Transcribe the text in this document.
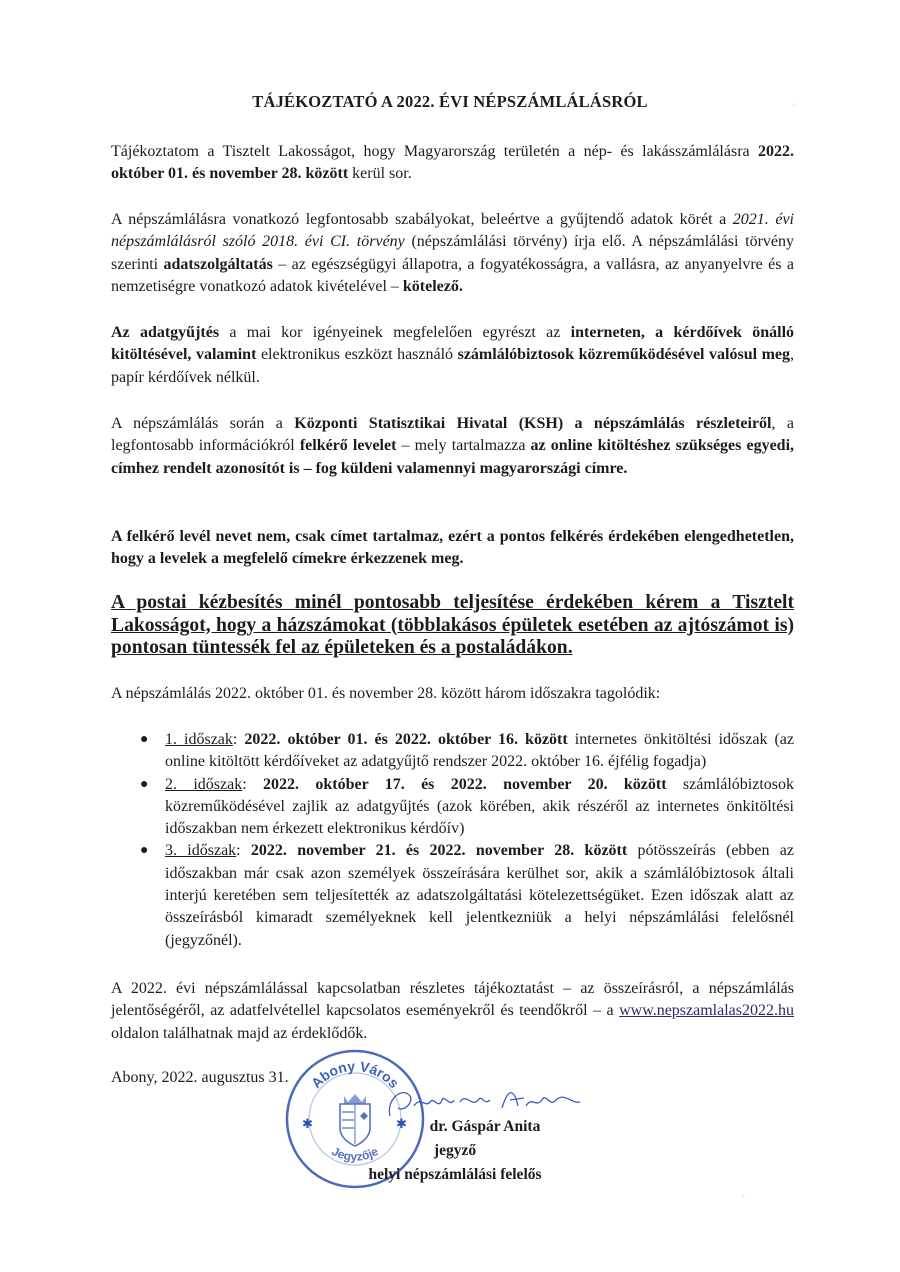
TÁJÉKOZTATÓ A 2022. ÉVI NÉPSZÁMLÁLÁSRÓL
Tájékoztatom a Tisztelt Lakosságot, hogy Magyarország területén a nép- és lakásszámlálásra 2022. október 01. és november 28. között kerül sor.
A népszámlálásra vonatkozó legfontosabb szabályokat, beleértve a gyűjtendő adatok körét a 2021. évi népszámlálásról szóló 2018. évi CI. törvény (népszámlálási törvény) írja elő. A népszámlálási törvény szerinti adatszolgáltatás – az egészségügyi állapotra, a fogyatékosságra, a vallásra, az anyanyelvre és a nemzetiségre vonatkozó adatok kivételével – kötelező.
Az adatgyűjtés a mai kor igényeinek megfelelően egyrészt az interneten, a kérdőívek önálló kitöltésével, valamint elektronikus eszközt használó számlálóbiztosok közreműködésével valósul meg, papír kérdőívek nélkül.
A népszámlálás során a Központi Statisztikai Hivatal (KSH) a népszámlálás részleteiről, a legfontosabb információkról felkérő levelet – mely tartalmazza az online kitöltéshez szükséges egyedi, címhez rendelt azonosítót is – fog küldeni valamennyi magyarországi címre.
A felkérő levél nevet nem, csak címet tartalmaz, ezért a pontos felkérés érdekében elengedhetetlen, hogy a levelek a megfelelő címekre érkezzenek meg.
A postai kézbesítés minél pontosabb teljesítése érdekében kérem a Tisztelt Lakosságot, hogy a házszámokat (többlakásos épületek esetében az ajtószámot is) pontosan tüntessék fel az épületeken és a postaládákon.
A népszámlálás 2022. október 01. és november 28. között három időszakra tagolódik:
● 1. időszak: 2022. október 01. és 2022. október 16. között internetes önkitöltési időszak (az online kitöltött kérdőíveket az adatgyűjtő rendszer 2022. október 16. éjfélig fogadja)
● 2. időszak: 2022. október 17. és 2022. november 20. között számlálóbiztosok közreműködésével zajlik az adatgyűjtés (azok körében, akik részéről az internetes önkitöltési időszakban nem érkezett elektronikus kérdőív)
● 3. időszak: 2022. november 21. és 2022. november 28. között pótösszeírás (ebben az időszakban már csak azon személyek összeírására kerülhet sor, akik a számlálóbiztosok általi interjú keretében sem teljesítették az adatszolgáltatási kötelezettségüket. Ezen időszak alatt az összeírásból kimaradt személyeknek kell jelentkezniük a helyi népszámlálási felelősnél (jegyzőnél).
A 2022. évi népszámlálással kapcsolatban részletes tájékoztatást – az összeírásról, a népszámlálás jelentőségéről, az adatfelvétellel kapcsolatos eseményekről és teendőkről – a www.nepszamlalas2022.hu oldalon találhatnak majd az érdeklődők.
Abony, 2022. augusztus 31. Abony Város
Jegyzője
✱	✱	dr. Gáspár Anita
jegyző
helyi népszámlálási felelős
·
·
